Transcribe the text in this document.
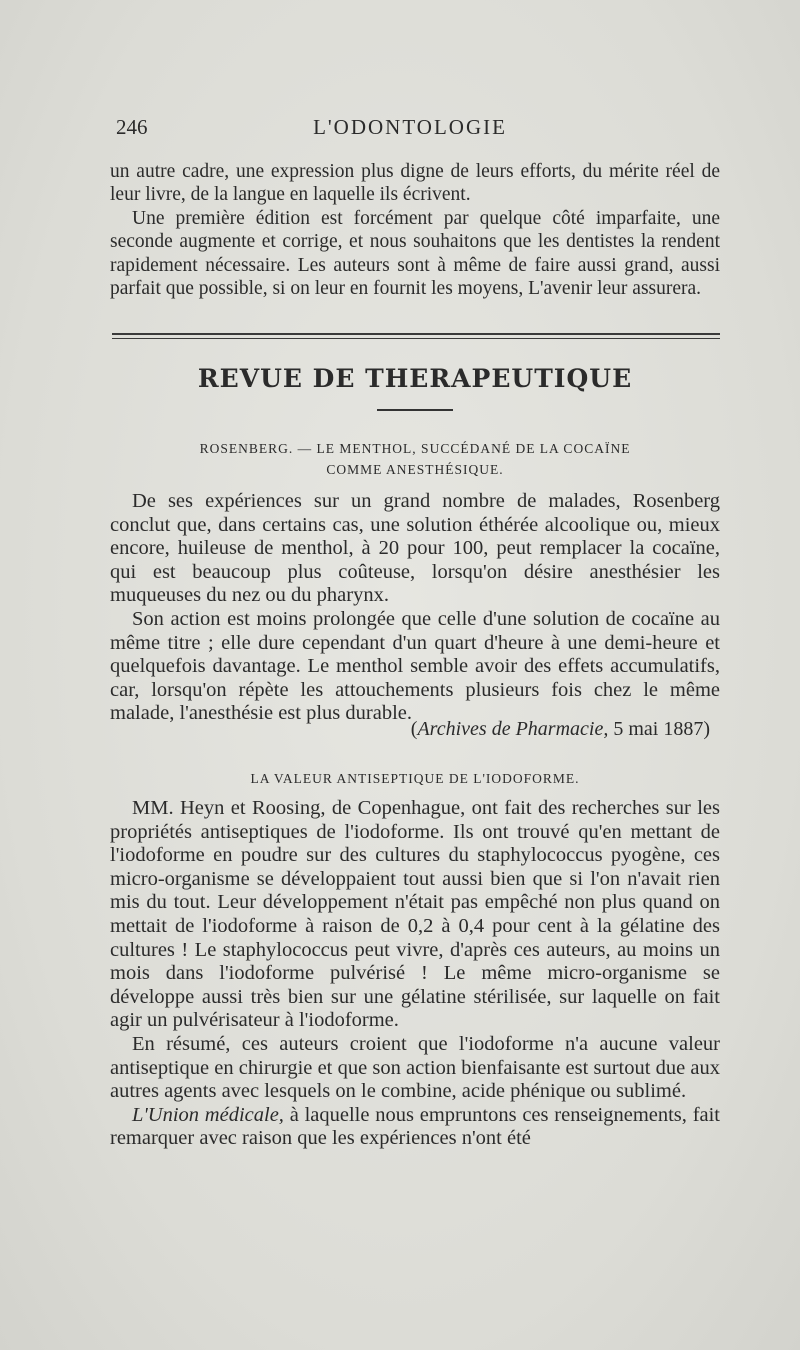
246	L'ODONTOLOGIE

un autre cadre, une expression plus digne de leurs efforts, du mérite réel de leur livre, de la langue en laquelle ils écrivent.

Une première édition est forcément par quelque côté imparfaite, une seconde augmente et corrige, et nous souhaitons que les dentistes la rendent rapidement nécessaire. Les auteurs sont à même de faire aussi grand, aussi parfait que possible, si on leur en fournit les moyens, L'avenir leur assurera.

REVUE DE THERAPEUTIQUE
ROSENBERG. — LE MENTHOL, SUCCÉDANÉ DE LA COCAÏNE
COMME ANESTHÉSIQUE.

De ses expériences sur un grand nombre de malades, Rosenberg conclut que, dans certains cas, une solution éthérée alcoolique ou, mieux encore, huileuse de menthol, à 20 pour 100, peut remplacer la cocaïne, qui est beaucoup plus coûteuse, lorsqu'on désire anesthésier les muqueuses du nez ou du pharynx.

Son action est moins prolongée que celle d'une solution de cocaïne au même titre ; elle dure cependant d'un quart d'heure à une demi-heure et quelquefois davantage. Le menthol semble avoir des effets accumulatifs, car, lorsqu'on répète les attouchements plusieurs fois chez le même malade, l'anesthésie est plus durable.

(Archives de Pharmacie, 5 mai 1887)
LA VALEUR ANTISEPTIQUE DE L'IODOFORME.

MM. Heyn et Roosing, de Copenhague, ont fait des recherches sur les propriétés antiseptiques de l'iodoforme. Ils ont trouvé qu'en mettant de l'iodoforme en poudre sur des cultures du staphylococcus pyogène, ces micro-organisme se développaient tout aussi bien que si l'on n'avait rien mis du tout. Leur développement n'était pas empêché non plus quand on mettait de l'iodoforme à raison de 0,2 à 0,4 pour cent à la gélatine des cultures ! Le staphylococcus peut vivre, d'après ces auteurs, au moins un mois dans l'iodoforme pulvérisé ! Le même micro-organisme se développe aussi très bien sur une gélatine stérilisée, sur laquelle on fait agir un pulvérisateur à l'iodoforme.

En résumé, ces auteurs croient que l'iodoforme n'a aucune valeur antiseptique en chirurgie et que son action bienfaisante est surtout due aux autres agents avec lesquels on le combine, acide phénique ou sublimé.

L'Union médicale, à laquelle nous empruntons ces renseignements, fait remarquer avec raison que les expériences n'ont été
